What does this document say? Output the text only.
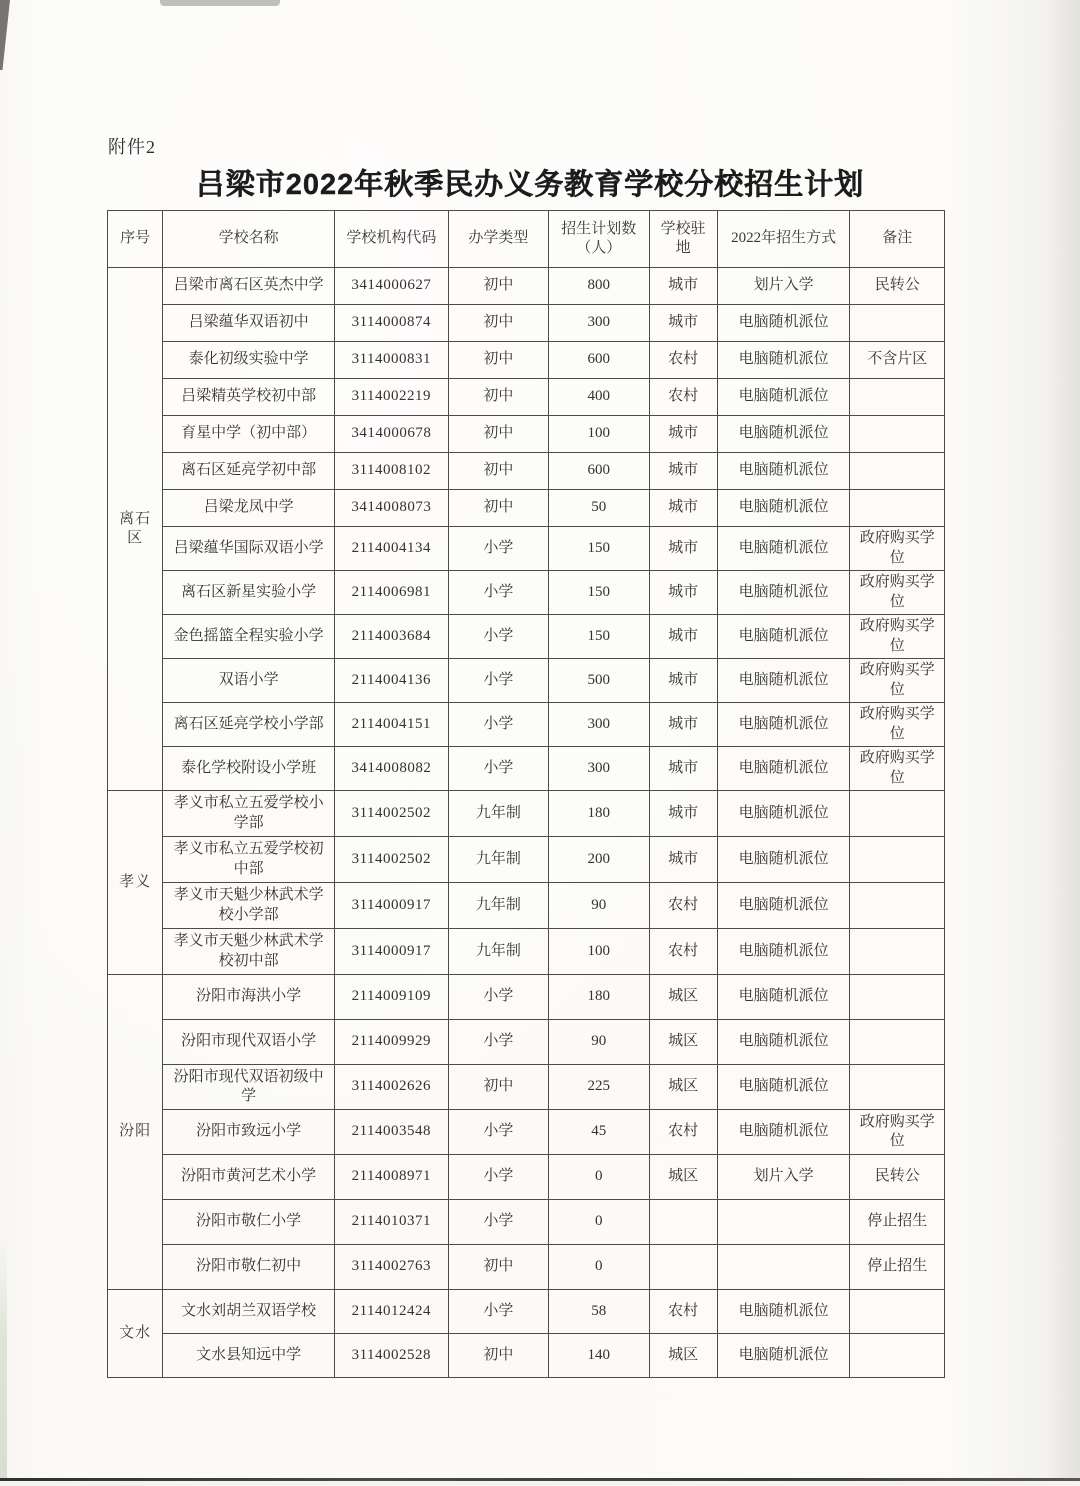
附件2
吕梁市2022年秋季民办义务教育学校分校招生计划
序号	学校名称	学校机构代码	办学类型	招生计划数（人）	学校驻地	2022年招生方式	备注
离石区	吕梁市离石区英杰中学	3414000627	初中	800	城市	划片入学	民转公
	吕梁蕴华双语初中	3114000874	初中	300	城市	电脑随机派位	
	泰化初级实验中学	3114000831	初中	600	农村	电脑随机派位	不含片区
	吕梁精英学校初中部	3114002219	初中	400	农村	电脑随机派位	
	育星中学（初中部）	3414000678	初中	100	城市	电脑随机派位	
	离石区延亮学初中部	3114008102	初中	600	城市	电脑随机派位	
	吕梁龙凤中学	3414008073	初中	50	城市	电脑随机派位	
	吕梁蕴华国际双语小学	2114004134	小学	150	城市	电脑随机派位	政府购买学位
	离石区新星实验小学	2114006981	小学	150	城市	电脑随机派位	政府购买学位
	金色摇篮全程实验小学	2114003684	小学	150	城市	电脑随机派位	政府购买学位
	双语小学	2114004136	小学	500	城市	电脑随机派位	政府购买学位
	离石区延亮学校小学部	2114004151	小学	300	城市	电脑随机派位	政府购买学位
	泰化学校附设小学班	3414008082	小学	300	城市	电脑随机派位	政府购买学位
孝义	孝义市私立五爱学校小学部	3114002502	九年制	180	城市	电脑随机派位	
	孝义市私立五爱学校初中部	3114002502	九年制	200	城市	电脑随机派位	
	孝义市天魁少林武术学校小学部	3114000917	九年制	90	农村	电脑随机派位	
	孝义市天魁少林武术学校初中部	3114000917	九年制	100	农村	电脑随机派位	
汾阳	汾阳市海洪小学	2114009109	小学	180	城区	电脑随机派位	
	汾阳市现代双语小学	2114009929	小学	90	城区	电脑随机派位	
	汾阳市现代双语初级中学	3114002626	初中	225	城区	电脑随机派位	
	汾阳市致远小学	2114003548	小学	45	农村	电脑随机派位	政府购买学位
	汾阳市黄河艺术小学	2114008971	小学	0	城区	划片入学	民转公
	汾阳市敬仁小学	2114010371	小学	0			停止招生
	汾阳市敬仁初中	3114002763	初中	0			停止招生
文水	文水刘胡兰双语学校	2114012424	小学	58	农村	电脑随机派位	
	文水县知远中学	3114002528	初中	140	城区	电脑随机派位	
